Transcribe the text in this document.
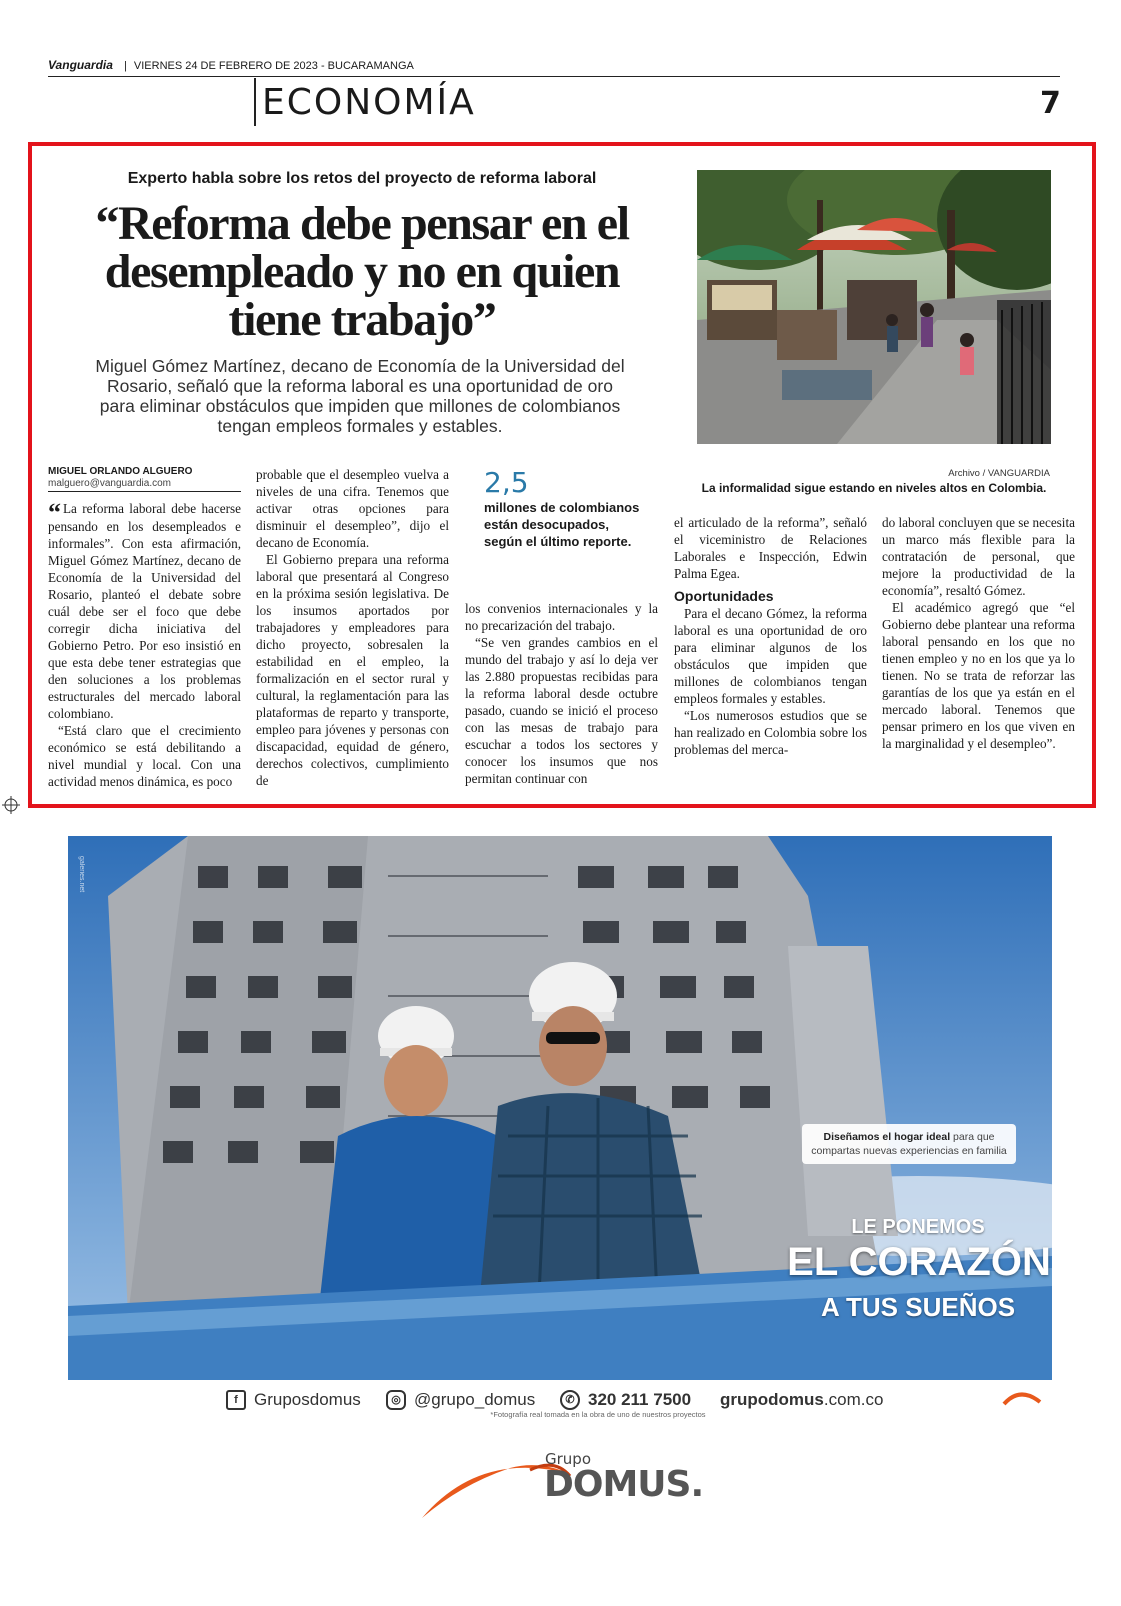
Vanguardia | VIERNES 24 DE FEBRERO DE 2023 - BUCARAMANGA
ECONOMÍA	7
Experto habla sobre los retos del proyecto de reforma laboral
“Reforma debe pensar en el desempleado y no en quien tiene trabajo”
Miguel Gómez Martínez, decano de Economía de la Universidad del Rosario, señaló que la reforma laboral es una oportunidad de oro para eliminar obstáculos que impiden que millones de colombianos tengan empleos formales y estables.
Archivo / VANGUARDIA
La informalidad sigue estando en niveles altos en Colombia.
MIGUEL ORLANDO ALGUERO
malguero@vanguardia.com

“ La reforma laboral debe hacerse pensando en los desempleados e informales”. Con esta afirmación, Miguel Gómez Martínez, decano de Economía de la Universidad del Rosario, planteó el debate sobre cuál debe ser el foco que debe corregir dicha iniciativa del Gobierno Petro. Por eso insistió en que esta debe tener estrategias que den soluciones a los problemas estructurales del mercado laboral colombiano.

“Está claro que el crecimiento económico se está debilitando a nivel mundial y local. Con una actividad menos dinámica, es poco

probable que el desempleo vuelva a niveles de una cifra. Tenemos que activar otras opciones para disminuir el desempleo”, dijo el decano de Economía.

El Gobierno prepara una reforma laboral que presentará al Congreso en la próxima sesión legislativa. De los insumos aportados por trabajadores y empleadores para dicho proyecto, sobresalen la estabilidad en el empleo, la formalización en el sector rural y cultural, la reglamentación para las plataformas de reparto y transporte, empleo para jóvenes y personas con discapacidad, equidad de género, derechos colectivos, cumplimiento de

2,5
millones de colombianos están desocupados, según el último reporte.

los convenios internacionales y la no precarización del trabajo.

“Se ven grandes cambios en el mundo del trabajo y así lo deja ver las 2.880 propuestas recibidas para la reforma laboral desde octubre pasado, cuando se inició el proceso con las mesas de trabajo para escuchar a todos los sectores y conocer los insumos que nos permitan continuar con

el articulado de la reforma”, señaló el viceministro de Relaciones Laborales e Inspección, Edwin Palma Egea.

Oportunidades

Para el decano Gómez, la reforma laboral es una oportunidad de oro para eliminar algunos de los obstáculos que impiden que millones de colombianos tengan empleos formales y estables.

“Los numerosos estudios que se han realizado en Colombia sobre los problemas del merca-

do laboral concluyen que se necesita un marco más flexible para la contratación de personal, que mejore la productividad de la economía”, resaltó Gómez.

El académico agregó que “el Gobierno debe plantear una reforma laboral pensando en los que no tienen empleo y no en los que ya lo tienen. No se trata de reforzar las garantías de los que ya están en el mercado laboral. Tenemos que pensar primero en los que viven en la marginalidad y el desempleo”.

galeries.net
Diseñamos el hogar ideal para que compartas nuevas experiencias en familia
LE PONEMOS
EL CORAZÓN
A TUS SUEÑOS
f Gruposdomus	◎ @grupo_domus	✆ 320 211 7500 grupodomus .com.co
*Fotografía real tomada en la obra de uno de nuestros proyectos
Grupo
DOMUS.
